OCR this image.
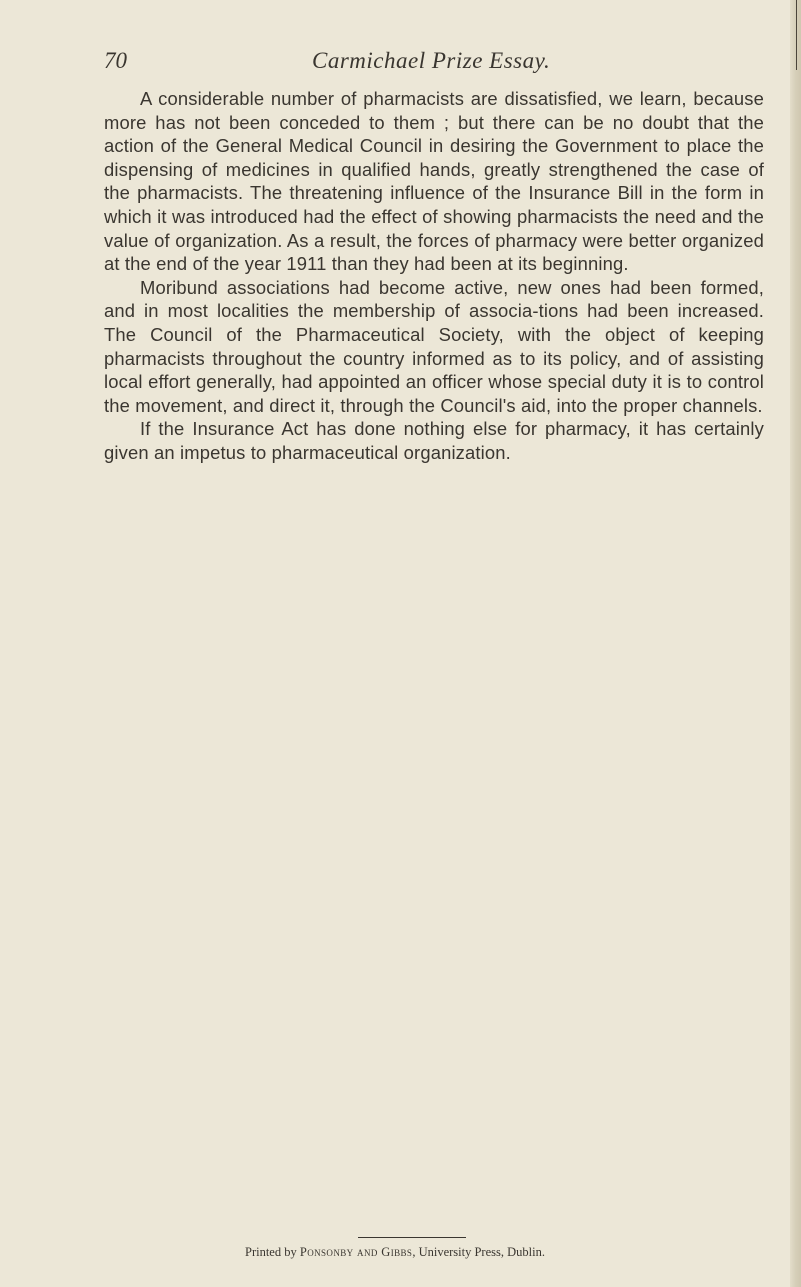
70	Carmichael Prize Essay.

A considerable number of pharmacists are dissatisfied, we learn, because more has not been conceded to them ; but there can be no doubt that the action of the General Medical Council in desiring the Government to place the dispensing of medicines in qualified hands, greatly strengthened the case of the pharmacists. The threatening influence of the Insurance Bill in the form in which it was introduced had the effect of showing pharmacists the need and the value of organization. As a result, the forces of pharmacy were better organized at the end of the year 1911 than they had been at its beginning.

Moribund associations had become active, new ones had been formed, and in most localities the membership of associa-tions had been increased. The Council of the Pharmaceutical Society, with the object of keeping pharmacists throughout the country informed as to its policy, and of assisting local effort generally, had appointed an officer whose special duty it is to control the movement, and direct it, through the Council's aid, into the proper channels.

If the Insurance Act has done nothing else for pharmacy, it has certainly given an impetus to pharmaceutical organization.

Printed by Ponsonby and Gibbs, University Press, Dublin.
